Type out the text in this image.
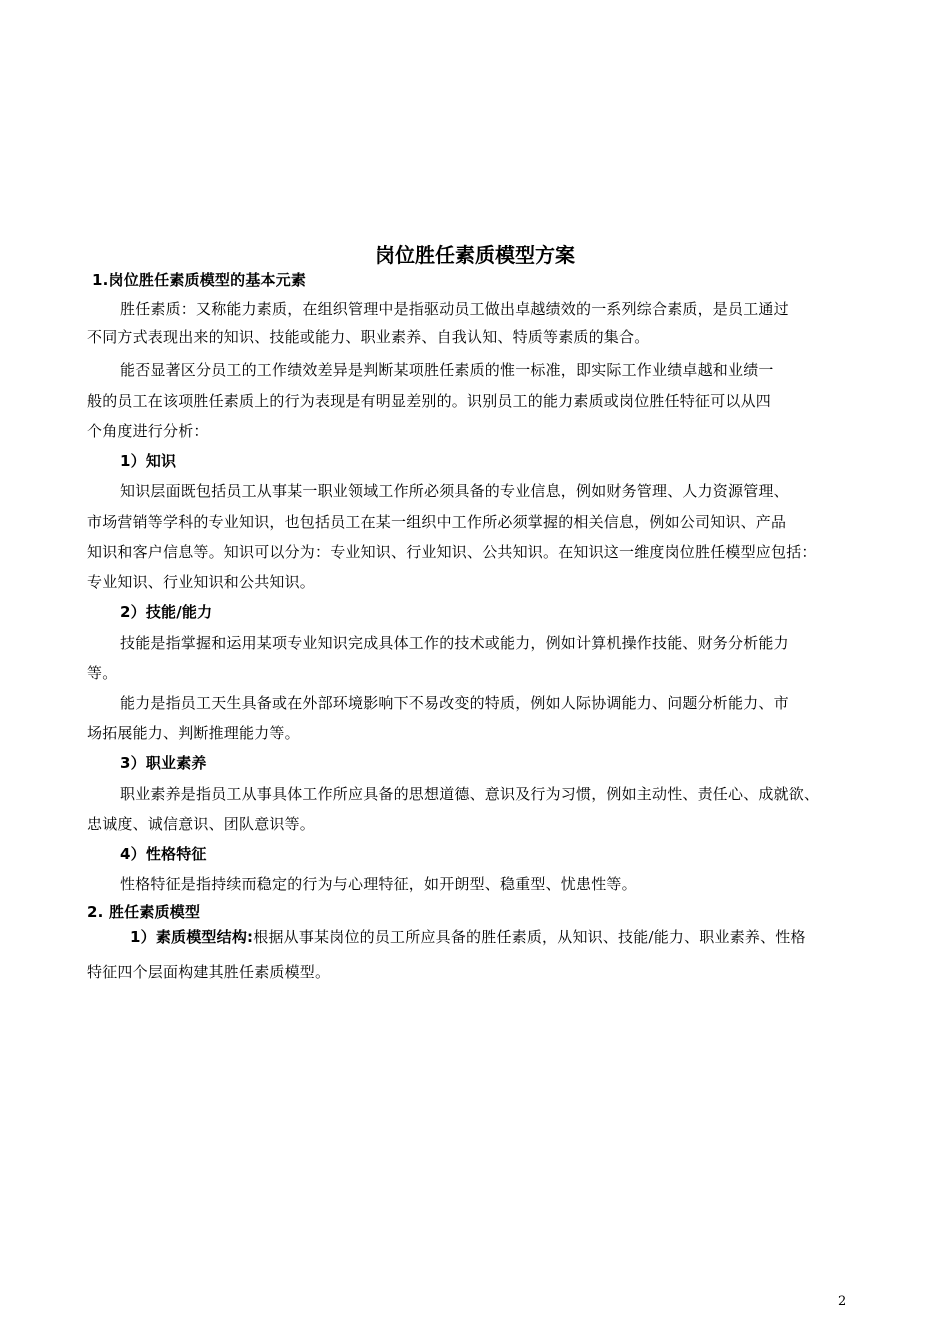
岗位胜任素质模型方案
1.岗位胜任素质模型的基本元素
胜任素质：又称能力素质，在组织管理中是指驱动员工做出卓越绩效的一系列综合素质，是员工通过
不同方式表现出来的知识、技能或能力、职业素养、自我认知、特质等素质的集合。
能否显著区分员工的工作绩效差异是判断某项胜任素质的惟一标准，即实际工作业绩卓越和业绩一
般的员工在该项胜任素质上的行为表现是有明显差别的。识别员工的能力素质或岗位胜任特征可以从四
个角度进行分析：
1）知识
知识层面既包括员工从事某一职业领域工作所必须具备的专业信息，例如财务管理、人力资源管理、
市场营销等学科的专业知识，也包括员工在某一组织中工作所必须掌握的相关信息，例如公司知识、产品
知识和客户信息等。知识可以分为：专业知识、行业知识、公共知识。在知识这一维度岗位胜任模型应包括：
专业知识、行业知识和公共知识。
2）技能/能力
技能是指掌握和运用某项专业知识完成具体工作的技术或能力，例如计算机操作技能、财务分析能力
等。
能力是指员工天生具备或在外部环境影响下不易改变的特质，例如人际协调能力、问题分析能力、市
场拓展能力、判断推理能力等。
3）职业素养
职业素养是指员工从事具体工作所应具备的思想道德、意识及行为习惯，例如主动性、责任心、成就欲、
忠诚度、诚信意识、团队意识等。
4）性格特征
性格特征是指持续而稳定的行为与心理特征，如开朗型、稳重型、忧患性等。
2. 胜任素质模型
1）素质模型结构:根据从事某岗位的员工所应具备的胜任素质，从知识、技能/能力、职业素养、性格
特征四个层面构建其胜任素质模型。
2
